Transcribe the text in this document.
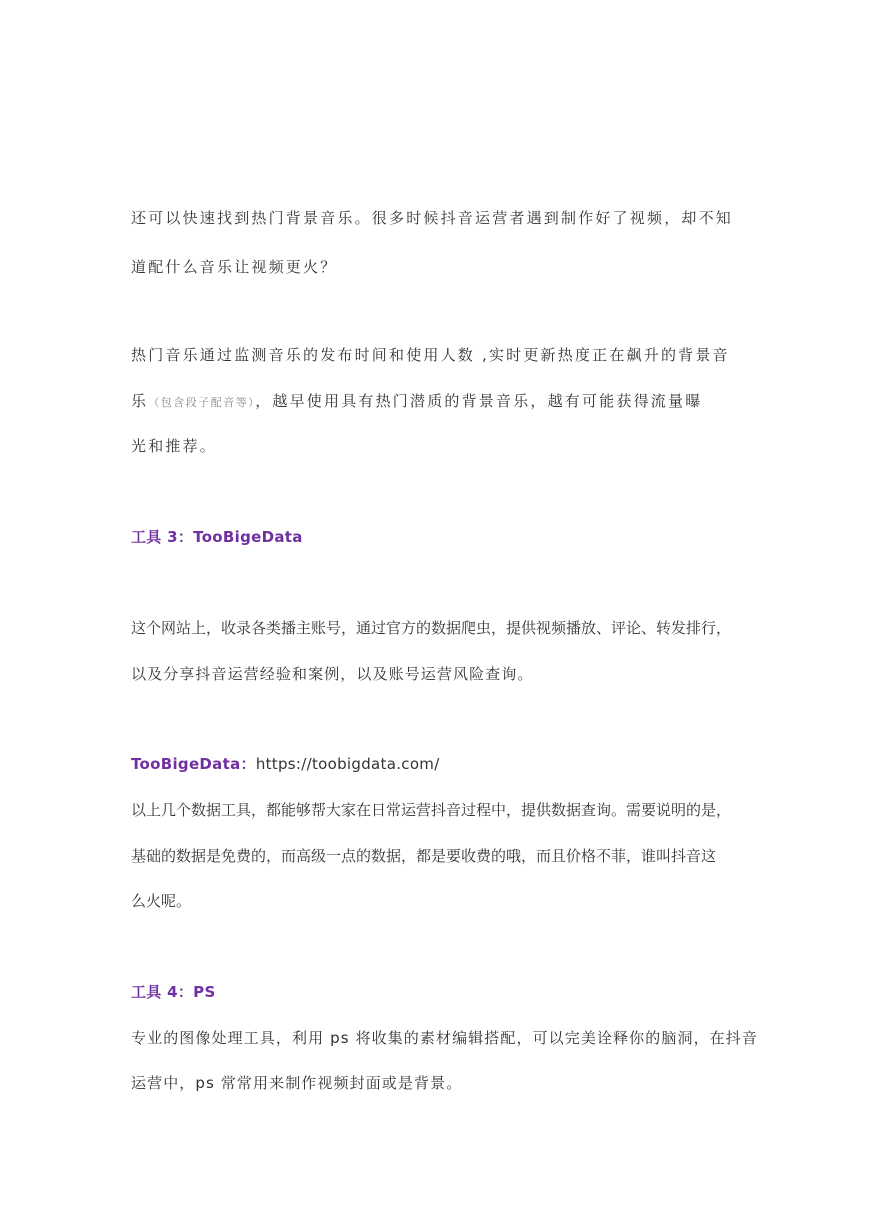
还可以快速找到热门背景音乐。很多时候抖音运营者遇到制作好了视频，却不知
道配什么音乐让视频更火？
热门音乐通过监测音乐的发布时间和使用人数 ,实时更新热度正在飙升的背景音
乐（包含段子配音等），越早使用具有热门潜质的背景音乐，越有可能获得流量曝
光和推荐。
工具 3：TooBigeData
这个网站上，收录各类播主账号，通过官方的数据爬虫，提供视频播放、评论、转发排行，
以及分享抖音运营经验和案例，以及账号运营风险查询。
TooBigeData：https://toobigdata.com/
以上几个数据工具，都能够帮大家在日常运营抖音过程中，提供数据查询。需要说明的是，
基础的数据是免费的，而高级一点的数据，都是要收费的哦，而且价格不菲，谁叫抖音这
么火呢。
工具 4：PS
专业的图像处理工具，利用 ps 将收集的素材编辑搭配，可以完美诠释你的脑洞，在抖音
运营中，ps 常常用来制作视频封面或是背景。
